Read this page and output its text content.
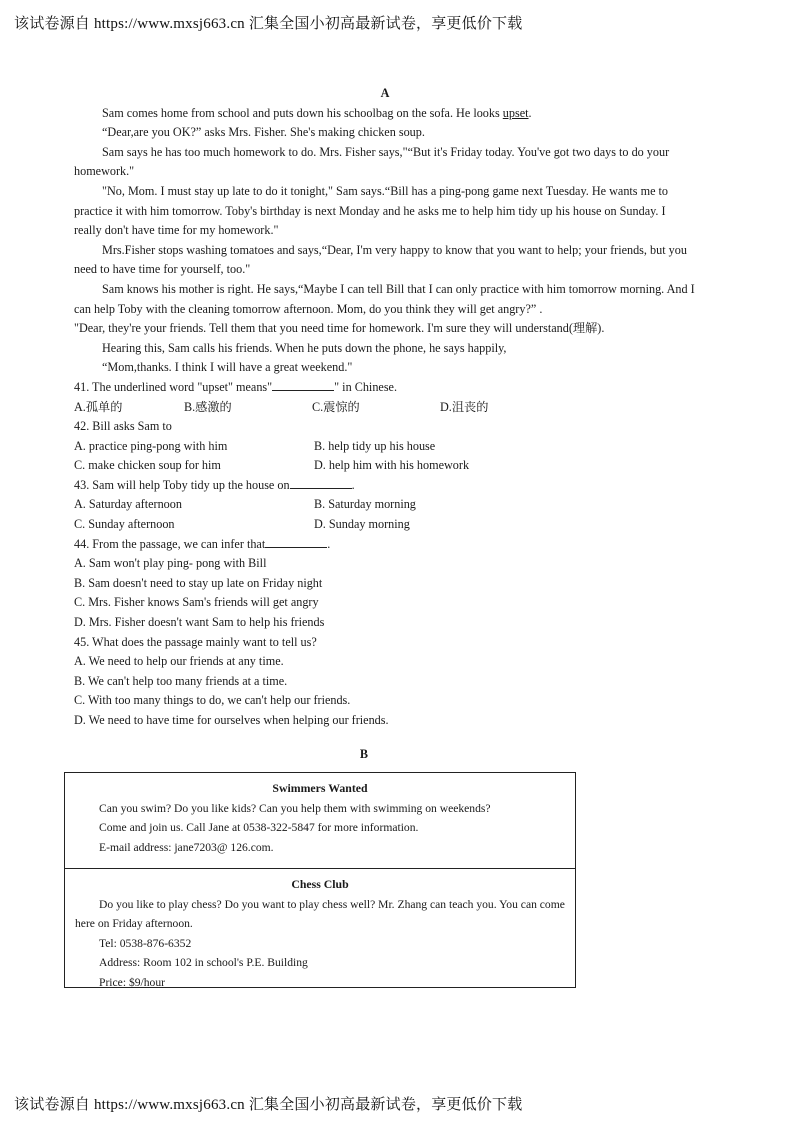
该试卷源自 https://www.mxsj663.cn 汇集全国小初高最新试卷，享更低价下载
A

Sam comes home from school and puts down his schoolbag on the sofa. He looks upset.

“Dear,are you OK?” asks Mrs. Fisher. She's making chicken soup.

Sam says he has too much homework to do. Mrs. Fisher says,"“But it's Friday today. You've got two days to do your homework."

"No, Mom. I must stay up late to do it tonight," Sam says.“Bill has a ping-pong game next Tuesday. He wants me to practice it with him tomorrow. Toby's birthday is next Monday and he asks me to help him tidy up his house on Sunday. I really don't have time for my homework."

Mrs.Fisher stops washing tomatoes and says,“Dear, I'm very happy to know that you want to help; your friends, but you need to have time for yourself, too."

Sam knows his mother is right. He says,“Maybe I can tell Bill that I can only practice with him tomorrow morning. And I can help Toby with the cleaning tomorrow afternoon. Mom, do you think they will get angry?” .

"Dear, they're your friends. Tell them that you need time for homework. I'm sure they will understand(理解).

Hearing this, Sam calls his friends. When he puts down the phone, he says happily,

“Mom,thanks. I think I will have a great weekend."

41. The underlined word "upset" means"	" in Chinese.

A.孤单的	B.感激的	C.震惊的	D.沮丧的

42. Bill asks Sam to

A. practice ping-pong with him	B. help tidy up his house
C. make chicken soup for him	D. help him with his homework

43. Sam will help Toby tidy up the house on	.

A. Saturday afternoon	B. Saturday morning
C. Sunday afternoon	D. Sunday morning

44. From the passage, we can infer that	.

A. Sam won't play ping- pong with Bill

B. Sam doesn't need to stay up late on Friday night

C. Mrs. Fisher knows Sam's friends will get angry

D. Mrs. Fisher doesn't want Sam to help his friends

45. What does the passage mainly want to tell us?

A. We need to help our friends at any time.

B. We can't help too many friends at a time.

C. With too many things to do, we can't help our friends.

D. We need to have time for ourselves when helping our friends.

B
Swimmers Wanted

Can you swim? Do you like kids? Can you help them with swimming on weekends?

Come and join us. Call Jane at 0538-322-5847 for more information.

E-mail address: jane7203@ 126.com.

Chess Club

Do you like to play chess? Do you want to play chess well? Mr. Zhang can teach you. You can come here on Friday afternoon.

Tel: 0538-876-6352

Address: Room 102 in school's P.E. Building

Price: $9/hour

该试卷源自 https://www.mxsj663.cn 汇集全国小初高最新试卷，享更低价下载
